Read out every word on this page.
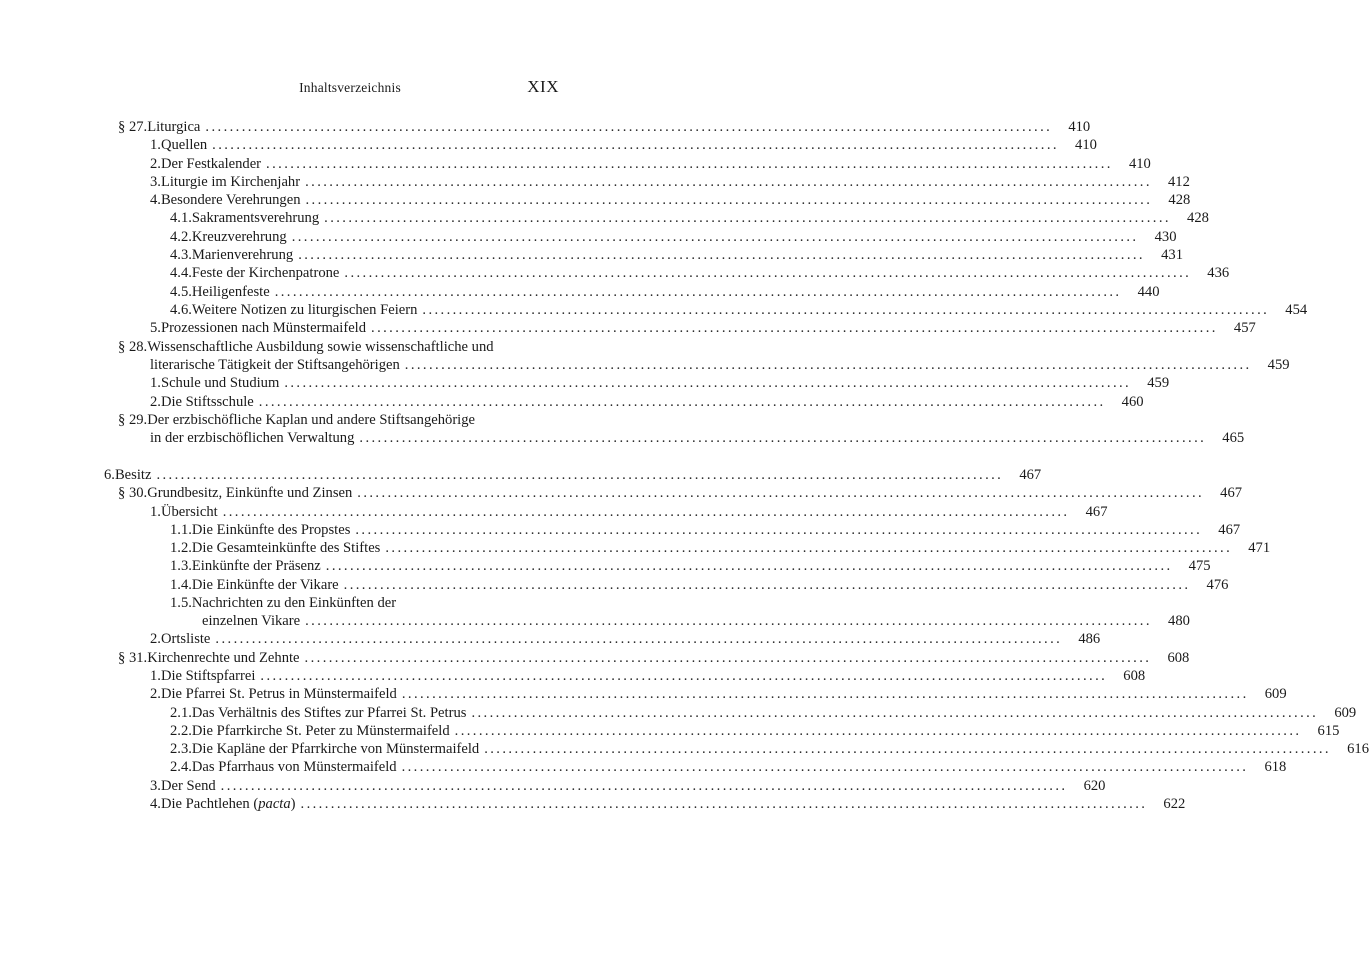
Inhaltsverzeichnis	XIX
§ 27. Liturgica ............................................................................................................................................	410
1. Quellen ............................................................................................................................................	410
2. Der Festkalender ............................................................................................................................................	410
3. Liturgie im Kirchenjahr ............................................................................................................................................	412
4. Besondere Verehrungen ............................................................................................................................................	428
4.1. Sakramentsverehrung ............................................................................................................................................	428
4.2. Kreuzverehrung ............................................................................................................................................	430
4.3. Marienverehrung ............................................................................................................................................	431
4.4. Feste der Kirchenpatrone ............................................................................................................................................	436
4.5. Heiligenfeste ............................................................................................................................................	440
4.6. Weitere Notizen zu liturgischen Feiern ............................................................................................................................................	454
5. Prozessionen nach Münstermaifeld ............................................................................................................................................	457
§ 28. Wissenschaftliche Ausbildung sowie wissenschaftliche und
literarische Tätigkeit der Stiftsangehörigen ............................................................................................................................................	459
1. Schule und Studium ............................................................................................................................................	459
2. Die Stiftsschule ............................................................................................................................................	460
§ 29. Der erzbischöfliche Kaplan und andere Stiftsangehörige
in der erzbischöflichen Verwaltung ............................................................................................................................................	465
6. Besitz ............................................................................................................................................	467
§ 30. Grundbesitz, Einkünfte und Zinsen ............................................................................................................................................	467
1. Übersicht ............................................................................................................................................	467
1.1. Die Einkünfte des Propstes ............................................................................................................................................	467
1.2. Die Gesamteinkünfte des Stiftes ............................................................................................................................................	471
1.3. Einkünfte der Präsenz ............................................................................................................................................	475
1.4. Die Einkünfte der Vikare ............................................................................................................................................	476
1.5. Nachrichten zu den Einkünften der
einzelnen Vikare ............................................................................................................................................	480
2. Ortsliste ............................................................................................................................................	486
§ 31. Kirchenrechte und Zehnte ............................................................................................................................................	608
1. Die Stiftspfarrei ............................................................................................................................................	608
2. Die Pfarrei St. Petrus in Münstermaifeld ............................................................................................................................................	609
2.1. Das Verhältnis des Stiftes zur Pfarrei St. Petrus ............................................................................................................................................	609
2.2. Die Pfarrkirche St. Peter zu Münstermaifeld ............................................................................................................................................	615
2.3. Die Kapläne der Pfarrkirche von Münstermaifeld ............................................................................................................................................	616
2.4. Das Pfarrhaus von Münstermaifeld ............................................................................................................................................	618
3. Der Send ............................................................................................................................................	620
4. Die Pachtlehen (pacta) ............................................................................................................................................	622
